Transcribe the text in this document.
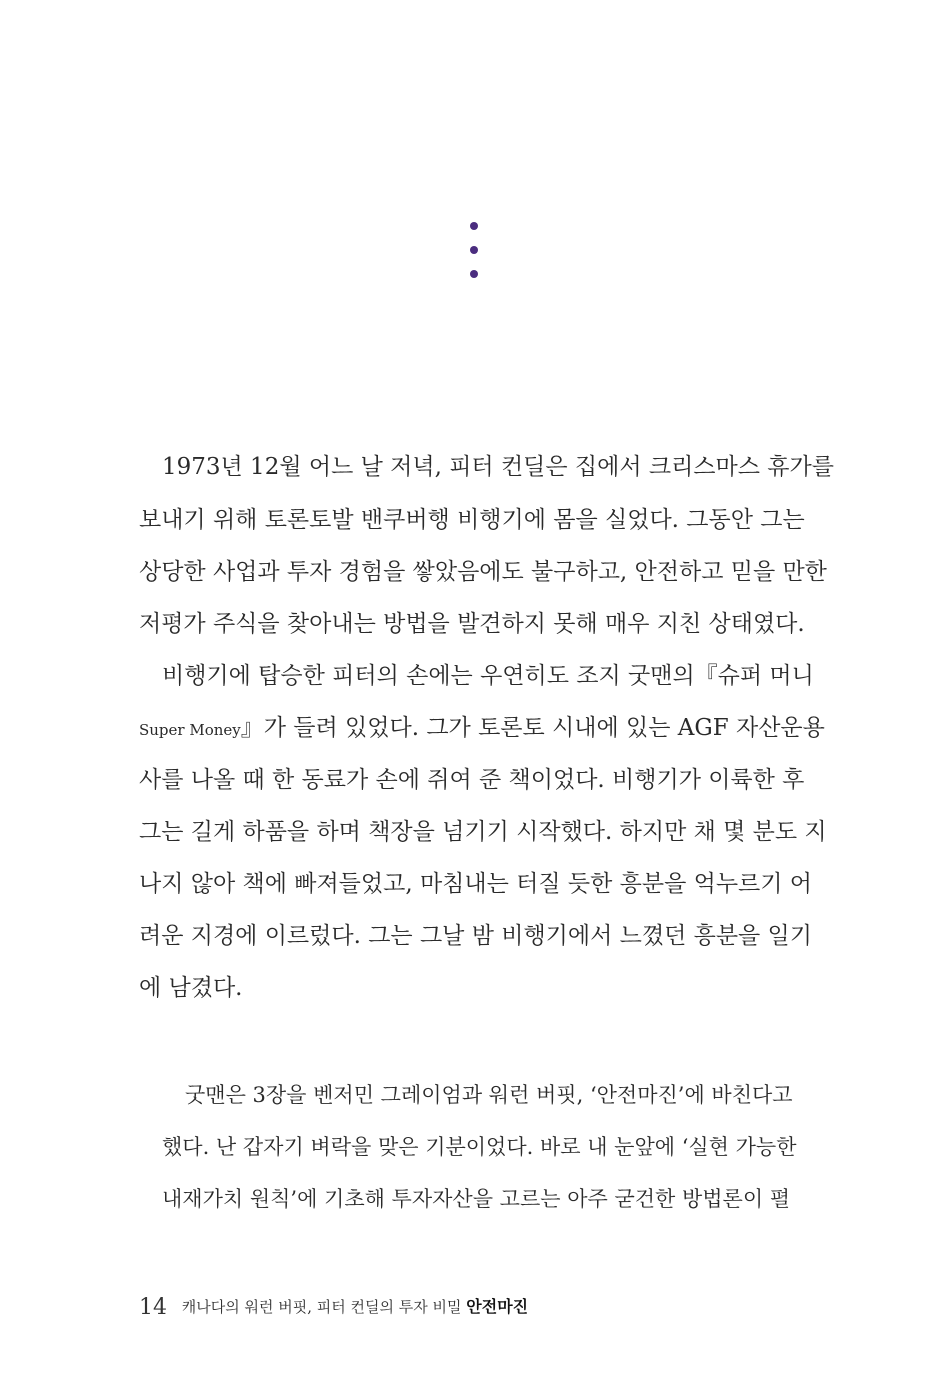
1973년 12월 어느 날 저녁, 피터 컨딜은 집에서 크리스마스 휴가를
보내기 위해 토론토발 밴쿠버행 비행기에 몸을 실었다. 그동안 그는
상당한 사업과 투자 경험을 쌓았음에도 불구하고, 안전하고 믿을 만한
저평가 주식을 찾아내는 방법을 발견하지 못해 매우 지친 상태였다.
비행기에 탑승한 피터의 손에는 우연히도 조지 굿맨의『슈퍼 머니
Super Money』가 들려 있었다. 그가 토론토 시내에 있는 AGF 자산운용
사를 나올 때 한 동료가 손에 쥐여 준 책이었다. 비행기가 이륙한 후
그는 길게 하품을 하며 책장을 넘기기 시작했다. 하지만 채 몇 분도 지
나지 않아 책에 빠져들었고, 마침내는 터질 듯한 흥분을 억누르기 어
려운 지경에 이르렀다. 그는 그날 밤 비행기에서 느꼈던 흥분을 일기
에 남겼다.
굿맨은 3장을 벤저민 그레이엄과 워런 버핏, ‘안전마진’에 바친다고
했다. 난 갑자기 벼락을 맞은 기분이었다. 바로 내 눈앞에 ‘실현 가능한
내재가치 원칙’에 기초해 투자자산을 고르는 아주 굳건한 방법론이 펼
14 캐나다의 워런 버핏, 피터 컨딜의 투자 비밀 안전마진
